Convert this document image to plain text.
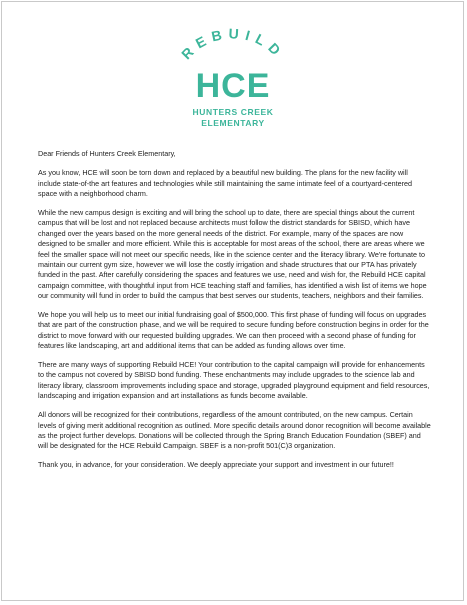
REBUILD
HCE
HUNTERS CREEK
ELEMENTARY

Dear Friends of Hunters Creek Elementary,

As you know, HCE will soon be torn down and replaced by a beautiful new building. The plans for the new facility will include state-of-the art features and technologies while still maintaining the same intimate feel of a courtyard-centered space with a neighborhood charm.

While the new campus design is exciting and will bring the school up to date, there are special things about the current campus that will be lost and not replaced because architects must follow the district standards for SBISD, which have changed over the years based on the more general needs of the district. For example, many of the spaces are now designed to be smaller and more efficient. While this is acceptable for most areas of the school, there are areas where we feel the smaller space will not meet our specific needs, like in the science center and the literacy library. We're fortunate to maintain our current gym size, however we will lose the costly irrigation and shade structures that our PTA has privately funded in the past. After carefully considering the spaces and features we use, need and wish for, the Rebuild HCE capital campaign committee, with thoughtful input from HCE teaching staff and families, has identified a wish list of items we hope our community will fund in order to build the campus that best serves our students, teachers, neighbors and their families.

We hope you will help us to meet our initial fundraising goal of $500,000. This first phase of funding will focus on upgrades that are part of the construction phase, and we will be required to secure funding before construction begins in order for the district to move forward with our requested building upgrades. We can then proceed with a second phase of funding for features like landscaping, art and additional items that can be added as funding allows over time.

There are many ways of supporting Rebuild HCE! Your contribution to the capital campaign will provide for enhancements to the campus not covered by SBISD bond funding. These enchantments may include upgrades to the science lab and literacy library, classroom improvements including space and storage, upgraded playground equipment and field resources, landscaping and irrigation expansion and art installations as funds become available.

All donors will be recognized for their contributions, regardless of the amount contributed, on the new campus. Certain levels of giving merit additional recognition as outlined. More specific details around donor recognition will become available as the project further develops. Donations will be collected through the Spring Branch Education Foundation (SBEF) and will be designated for the HCE Rebuild Campaign. SBEF is a non-profit 501(C)3 organization.

Thank you, in advance, for your consideration. We deeply appreciate your support and investment in our future!!
